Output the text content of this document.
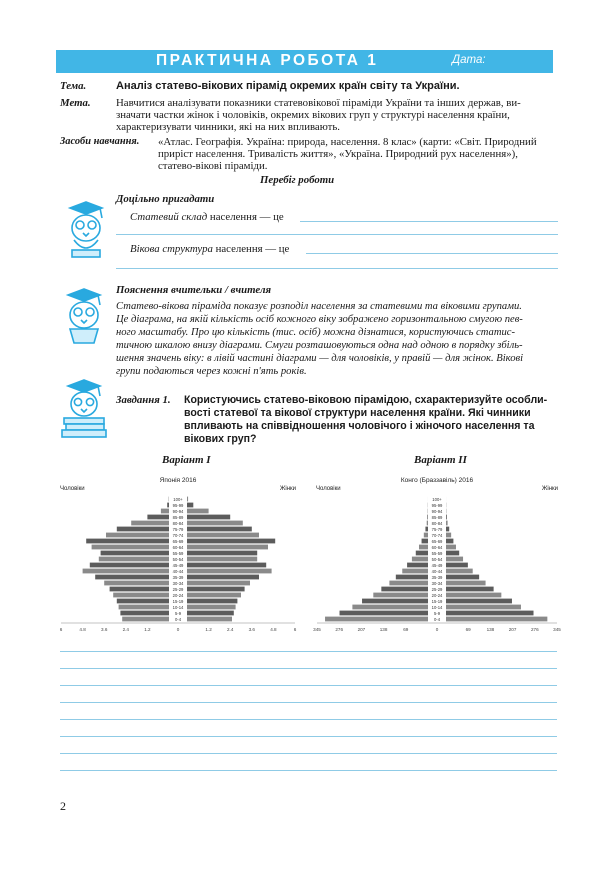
ПРАКТИЧНА РОБОТА 1	Дата:
Тема.	Аналіз статево-вікових пірамід окремих країн світу та України.
Мета. Навчитися аналізувати показники статевовікової піраміди України та інших держав, ви-
значати частки жінок і чоловіків, окремих вікових груп у структурі населення країни,
характеризувати чинники, які на них впливають.
Засоби навчання. «Атлас. Географія. Україна: природа, населення. 8 клас» (карти: «Світ. Природний
приріст населення. Тривалість життя», «Україна. Природний рух населення»),
статево-вікові піраміди.
Перебіг роботи
Доцільно пригадати
Статевий склад населення — це
Вікова структура населення — це
Пояснення вчительки / вчителя
Статево-вікова піраміда показує розподіл населення за статевими та віковими групами.
Це діаграма, на якій кількість осіб кожного віку зображено горизонтальною смугою пев-
ного масштабу. Про цю кількість (тис. осіб) можна дізнатися, користуючись статис-
тичною шкалою внизу діаграми. Смуги розташовуються одна над одною в порядку збіль-
шення значень віку: в лівій частині діаграми — для чоловіків, у правій — для жінок. Вікові
групи подаються через кожні п'ять років.
Завдання 1. Користуючись статево-віковою пірамідою, схарактеризуйте особли-
вості статевої та вікової структури населення країни. Які чинники
впливають на співвідношення чоловічого і жіночого населення та
вікових груп?
Варіант І	Варіант ІІ
Японія 2016
Чоловіки	Жінки
0-4
5-9
10-14
15-19
20-24
25-29
30-34
35-39
40-44
45-49
50-54
55-59
60-64
65-69
70-74
75-79
80-84
85-89
90-94
95-99
100+
6	4.8	3.6	2.4	1.2	0	1.2	2.4	3.6	4.8	6
Конго (Браззавіль) 2016
Чоловіки	Жінки
0-4
5-9
10-14
15-19
20-24
25-29
30-34
35-39
40-44
45-49
50-54
55-59
60-64
65-69
70-74
75-79
80-84
85-89
90-94
95-99
100+
345	276	207	138	69	0	69	138	207	276	345
2
